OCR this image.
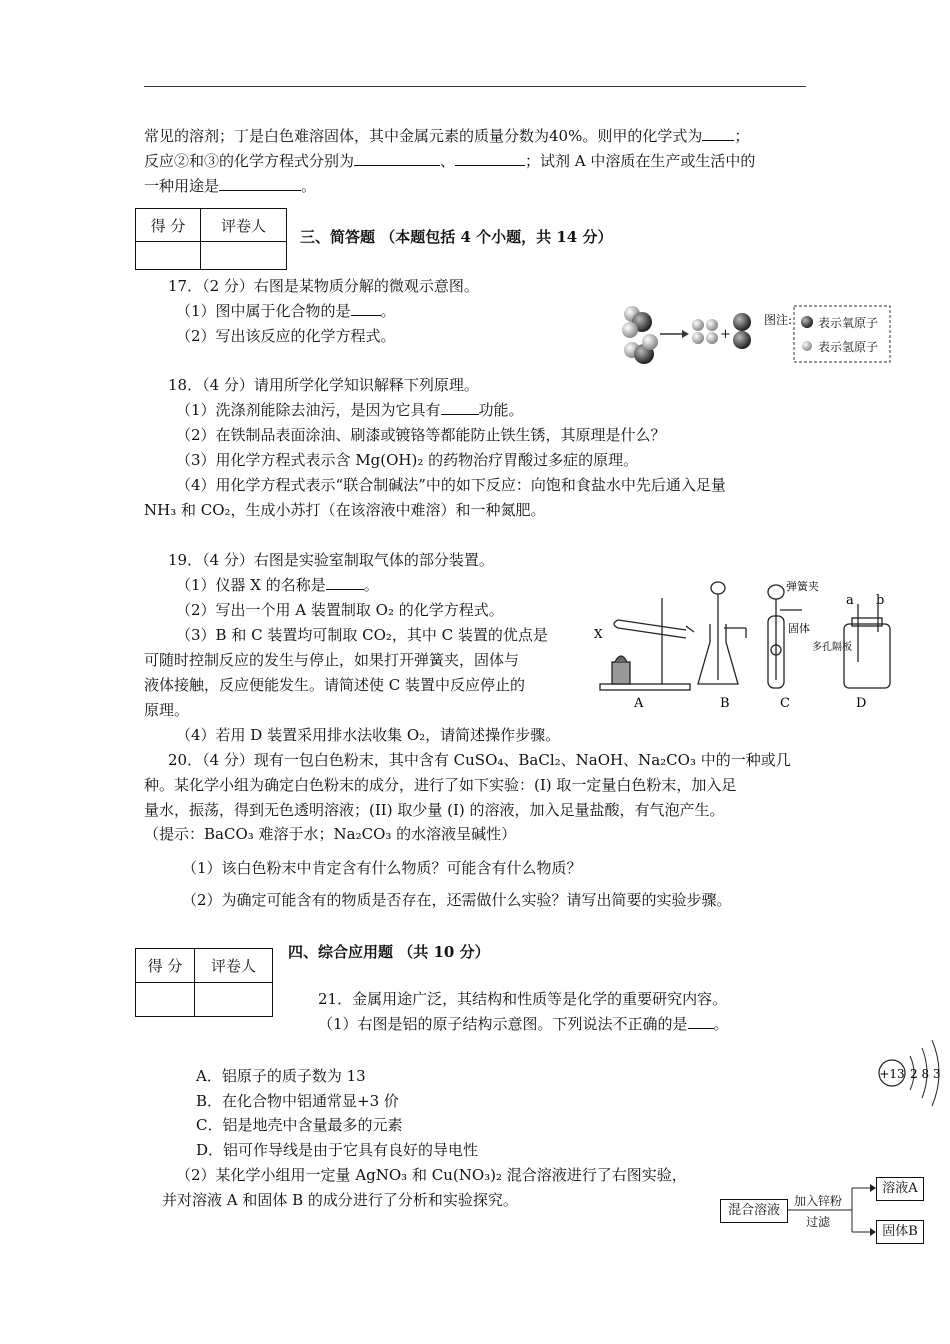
常见的溶剂；丁是白色难溶固体，其中金属元素的质量分数为40%。则甲的化学式为 ；
反应②和③的化学方程式分别为	、	；试剂 A 中溶质在生产或生活中的
一种用途是	。
得 分	评卷人

三、简答题 （本题包括 4 个小题，共 14 分）
17．（2 分）右图是某物质分解的微观示意图。
（1）图中属于化合物的是 。
（2）写出该反应的化学方程式。	+
图注: 表示氧原子
表示氢原子
18．（4 分）请用所学化学知识解释下列原理。
（1）洗涤剂能除去油污，是因为它具有	功能。
（2）在铁制品表面涂油、刷漆或镀铬等都能防止铁生锈，其原理是什么？
（3）用化学方程式表示含 Mg(OH)₂ 的药物治疗胃酸过多症的原理。
（4）用化学方程式表示“联合制碱法”中的如下反应：向饱和食盐水中先后通入足量
NH₃ 和 CO₂，生成小苏打（在该溶液中难溶）和一种氮肥。
19．（4 分）右图是实验室制取气体的部分装置。
（1）仪器 X 的名称是	。
（2）写出一个用 A 装置制取 O₂ 的化学方程式。
（3）B 和 C 装置均可制取 CO₂，其中 C 装置的优点是
可随时控制反应的发生与停止，如果打开弹簧夹，固体与
液体接触，反应便能发生。请简述使 C 装置中反应停止的
原理。
（4）若用 D 装置采用排水法收集 O₂，请简述操作步骤。
X
A	B
弹簧夹
固体
多孔隔板
C
a b
D
20．（4 分）现有一包白色粉末，其中含有 CuSO₄、BaCl₂、NaOH、Na₂CO₃ 中的一种或几
种。某化学小组为确定白色粉末的成分，进行了如下实验：(I) 取一定量白色粉末，加入足
量水，振荡，得到无色透明溶液；(II) 取少量 (I) 的溶液，加入足量盐酸，有气泡产生。
（提示：BaCO₃ 难溶于水；Na₂CO₃ 的水溶液呈碱性）
（1）该白色粉末中肯定含有什么物质？可能含有什么物质？
（2）为确定可能含有的物质是否存在，还需做什么实验？请写出简要的实验步骤。
得 分	评卷人

四、综合应用题 （共 10 分）
21．金属用途广泛，其结构和性质等是化学的重要研究内容。
（1）右图是铝的原子结构示意图。下列说法不正确的是 。
A．铝原子的质子数为 13
B．在化合物中铝通常显+3 价
C．铝是地壳中含量最多的元素
D．铝可作导线是由于它具有良好的导电性
（2）某化学小组用一定量 AgNO₃ 和 Cu(NO₃)₂ 混合溶液进行了右图实验，
并对溶液 A 和固体 B 的成分进行了分析和实验探究。
+13 2 8 3
混合溶液
加入锌粉
过滤
溶液A
固体B
